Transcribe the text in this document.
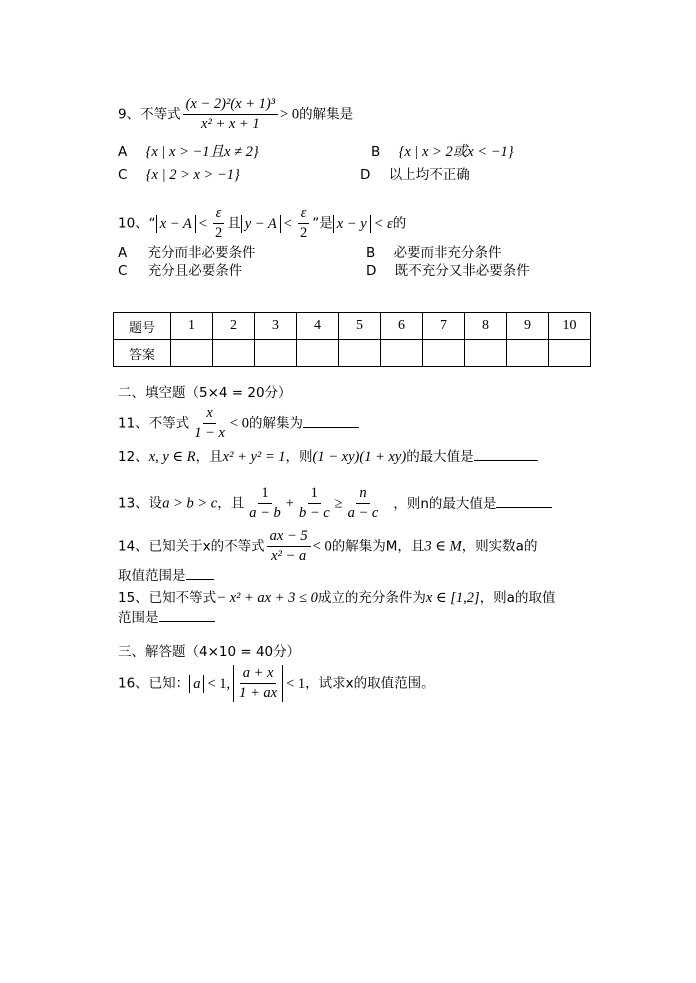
9、不等式 $\frac{\text{(x − 2)²(x + 1)³}}{\text{x² + x + 1}} > 0$的解集是
A {x | x > −1且x ≠ 2}	B {x | x > 2或x < −1}
C {x | 2 > x > −1}	D 以上均不正确
10、“ $x - A < \frac{\varepsilon}{2}$ 且 $y - A < \frac{\varepsilon}{2}$ ”是 x − y < ε的
A 充分而非必要条件	B 必要而非充分条件
C 充分且必要条件	D 既不充分又非必要条件
题号	1	2	3	4	5	6	7	8	9	10
答案										
二、填空题（5×4 = 20分）
11、不等式 $\frac{x}{1 - x} < 0$的解集为
12、x, y ∈ R，且x² + y² = 1，则(1 − xy)(1 + xy)的最大值是
13、设a > b > c，且 $\frac{1}{a - b} + \frac{1}{b - c} \ge \frac{n}{a - c}$ ，则n的最大值是
14、已知关于x的不等式 $\frac{ax - 5}{\text{x² − a}} < 0$的解集为M，且3 ∈ M，则实数a的
取值范围是
15、已知不等式− x² + ax + 3 ≤ 0成立的充分条件为x ∈ [1,2]，则a的取值
范围是
三、解答题（4×10 = 40分）
16、已知： a < 1, $\frac{a + x}{1 + ax} < 1$，试求x的取值范围。
